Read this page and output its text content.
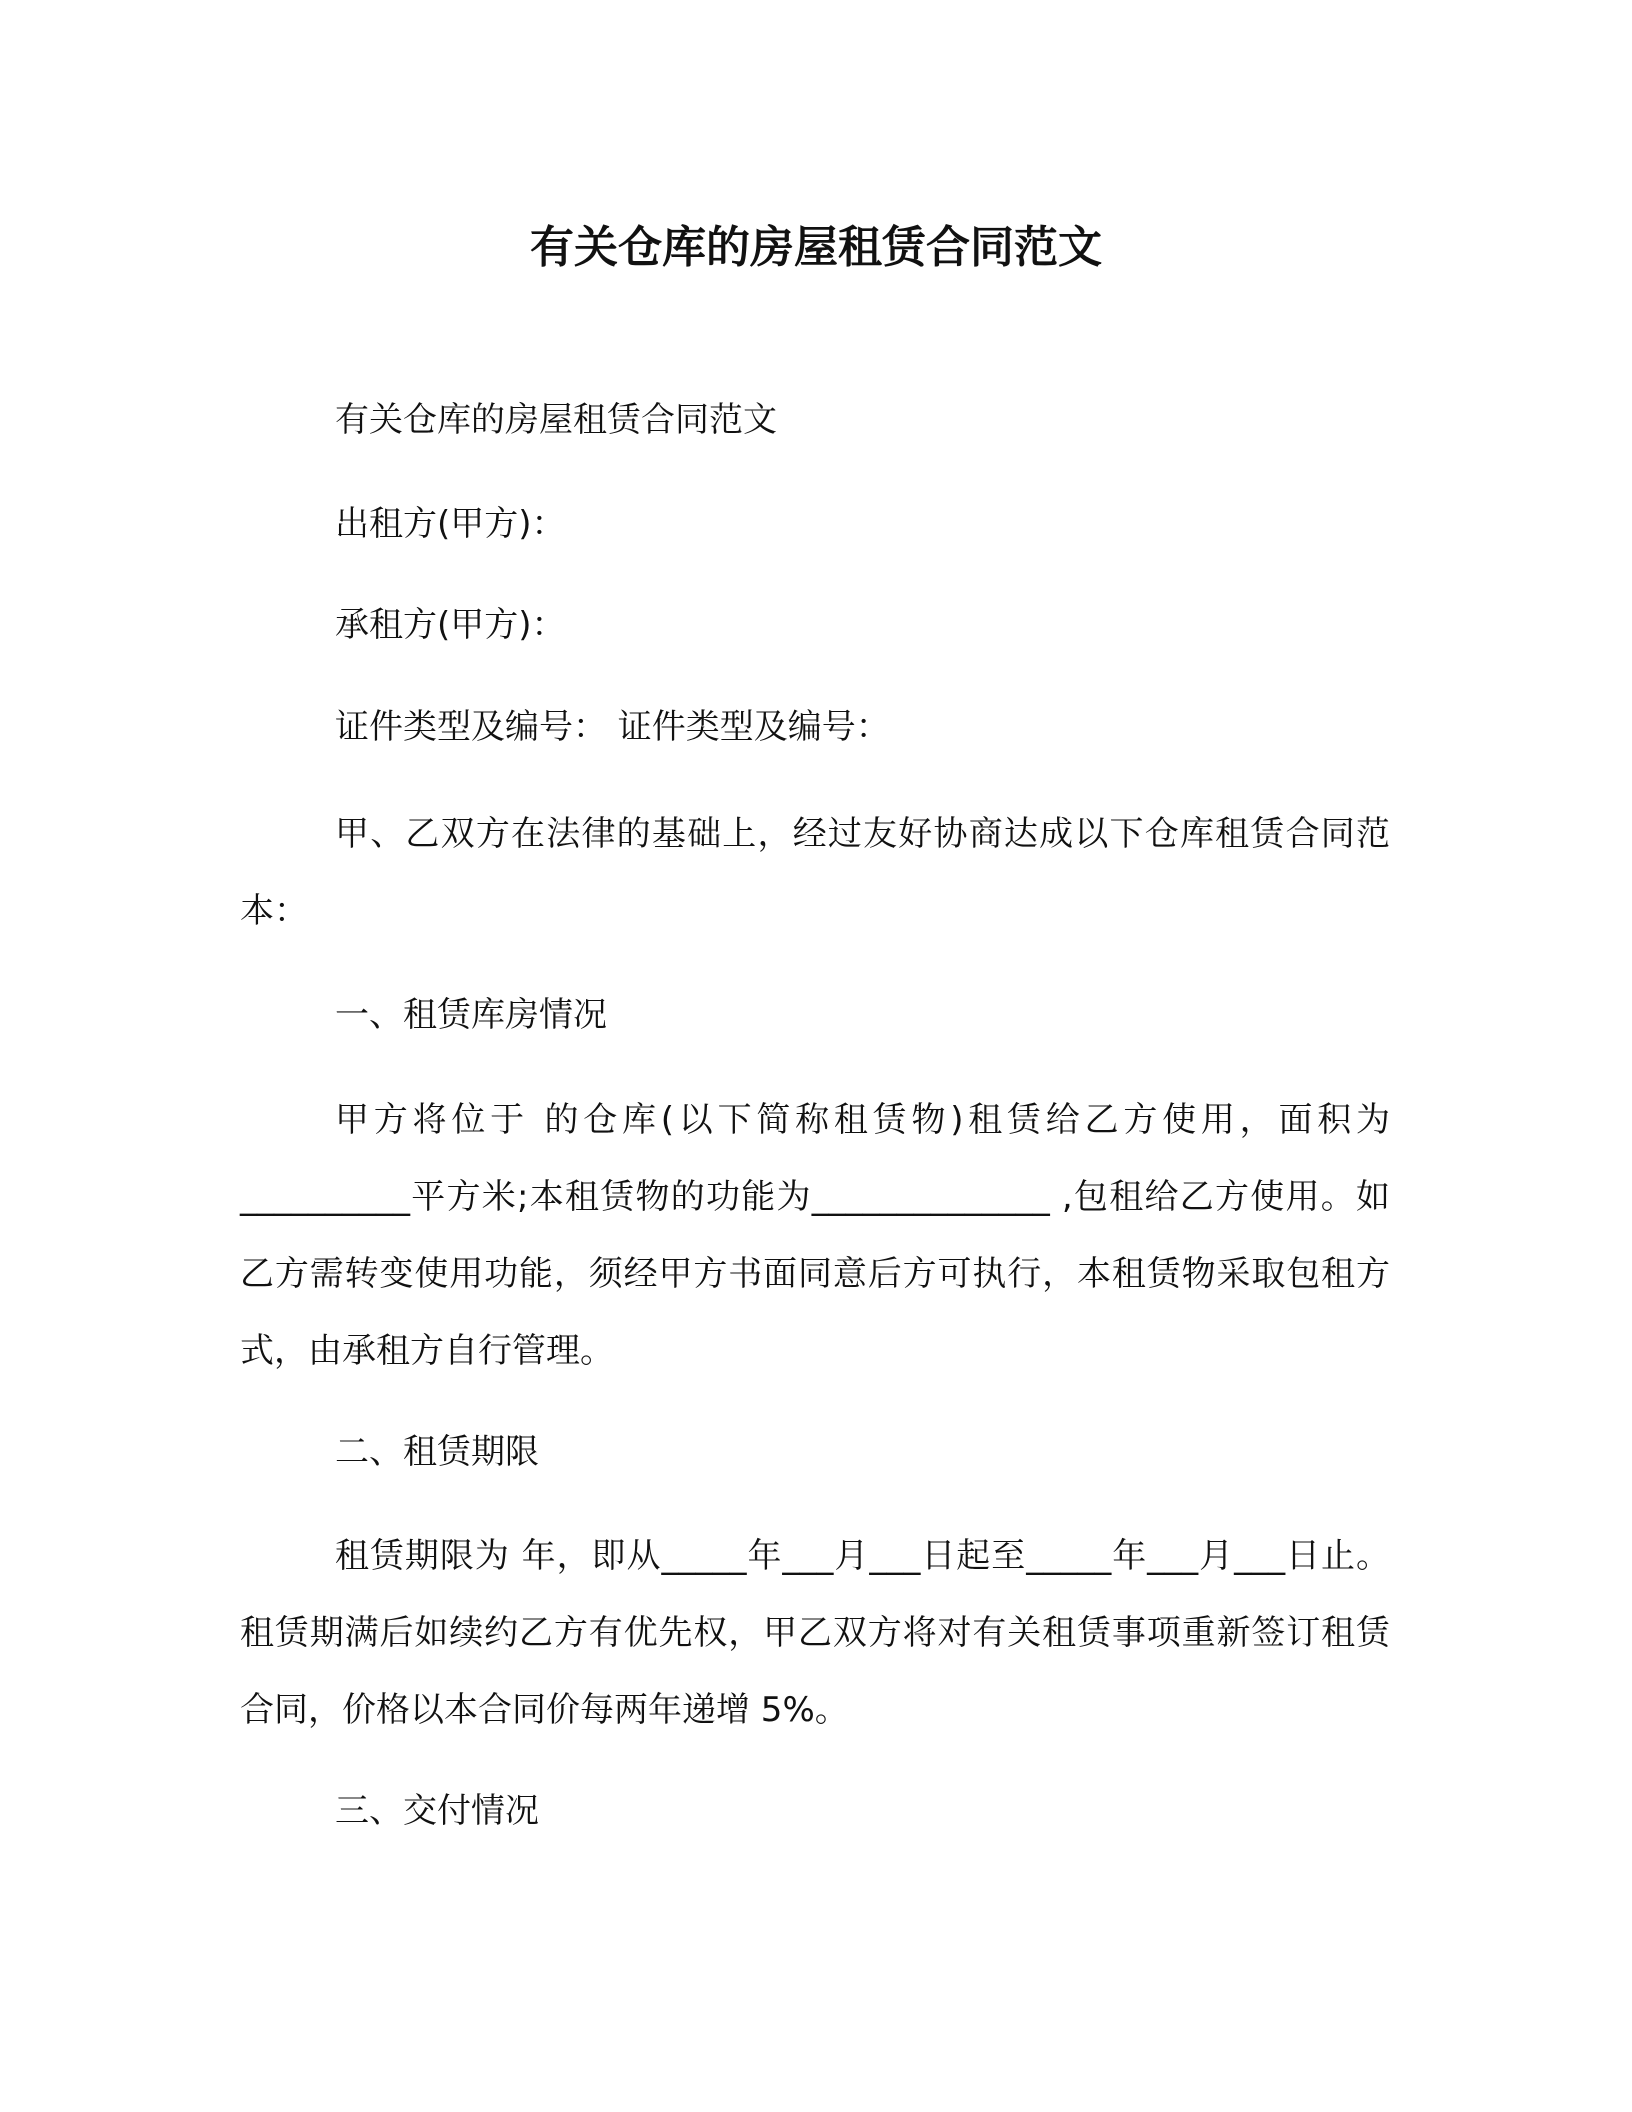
有关仓库的房屋租赁合同范文
有关仓库的房屋租赁合同范文
出租方(甲方)：
承租方(甲方)：
证件类型及编号： 证件类型及编号：
甲、乙双方在法律的基础上，经过友好协商达成以下仓库租赁合同范本：
一、租赁库房情况
甲方将位于 的仓库(以下简称租赁物)租赁给乙方使用，面积为__________平方米;本租赁物的功能为______________ ,包租给乙方使用。如乙方需转变使用功能，须经甲方书面同意后方可执行，本租赁物采取包租方式，由承租方自行管理。
二、租赁期限
租赁期限为 年，即从_____年___月___日起至_____年___月___日止。租赁期满后如续约乙方有优先权，甲乙双方将对有关租赁事项重新签订租赁合同，价格以本合同价每两年递增 5%。
三、交付情况
